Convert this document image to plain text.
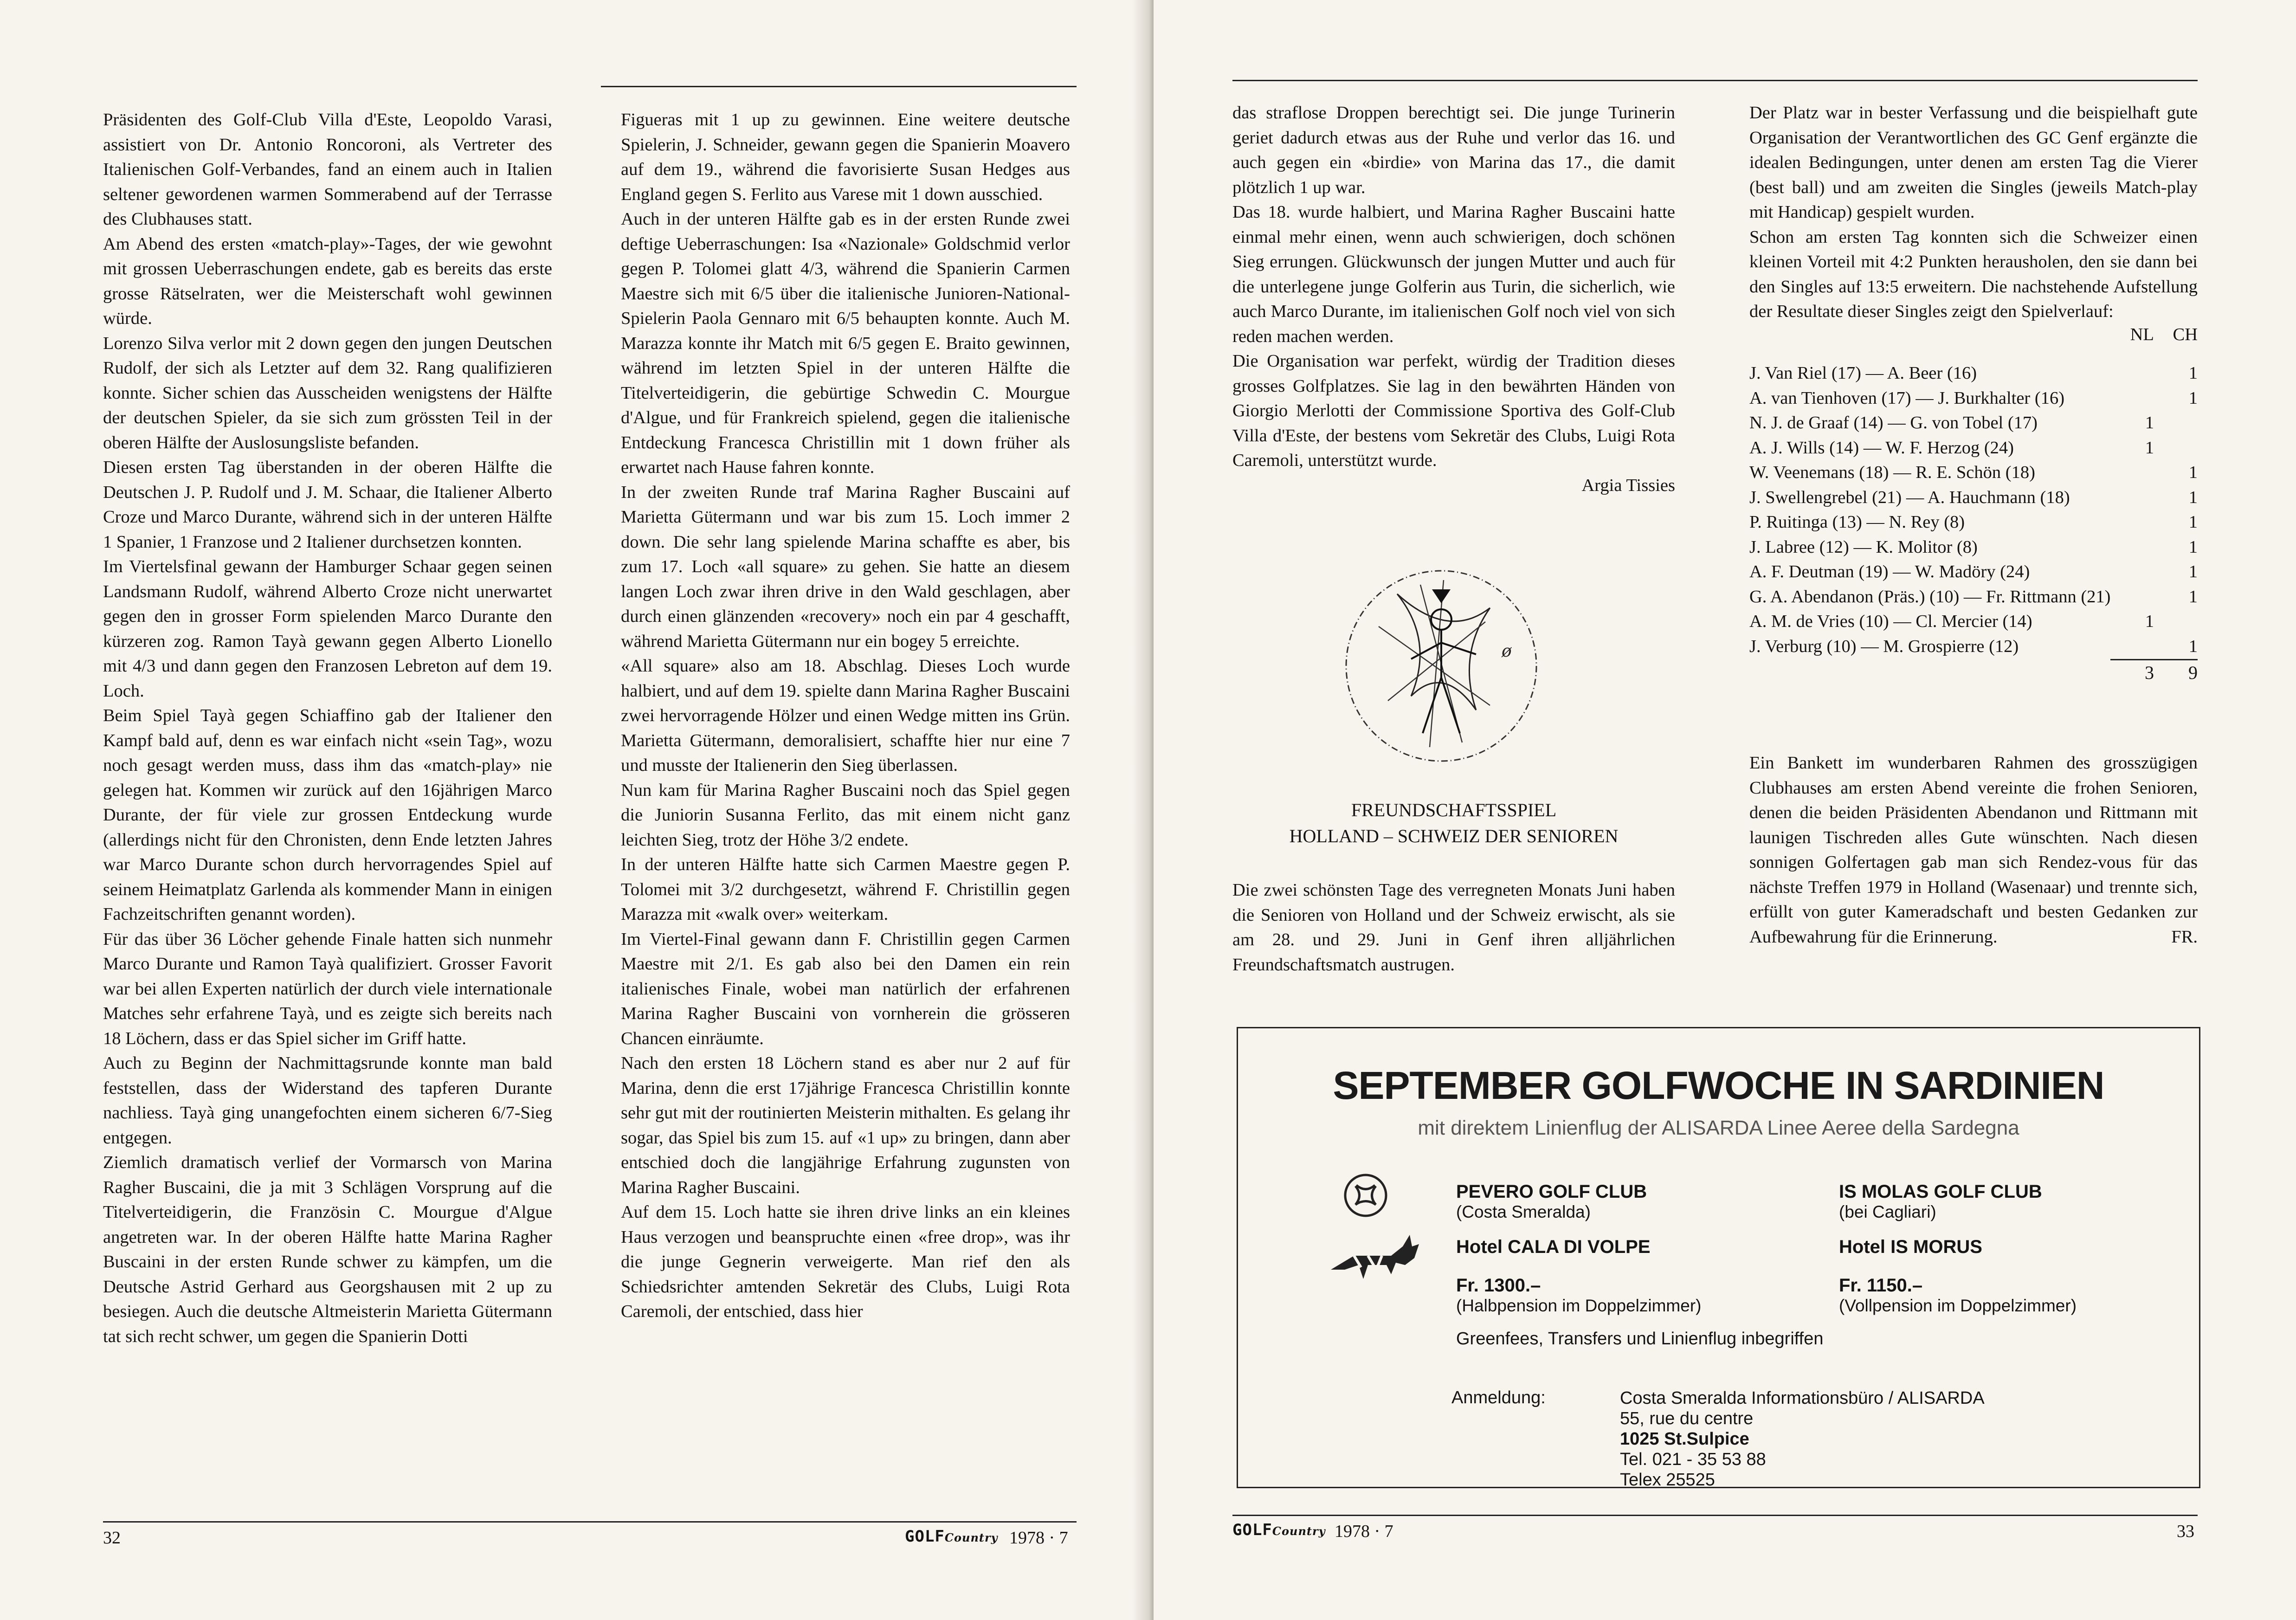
Präsidenten des Golf-Club Villa d'Este, Leopoldo Varasi, assistiert von Dr. Antonio Roncoroni, als Vertreter des Italienischen Golf-Verbandes, fand an einem auch in Italien seltener gewordenen warmen Sommerabend auf der Terrasse des Clubhauses statt.

Am Abend des ersten «match-play»-Tages, der wie gewohnt mit grossen Ueberraschungen endete, gab es bereits das erste grosse Rätselraten, wer die Meisterschaft wohl gewinnen würde.

Lorenzo Silva verlor mit 2 down gegen den jungen Deutschen Rudolf, der sich als Letzter auf dem 32. Rang qualifizieren konnte. Sicher schien das Ausscheiden wenigstens der Hälfte der deutschen Spieler, da sie sich zum grössten Teil in der oberen Hälfte der Auslosungsliste befanden.

Diesen ersten Tag überstanden in der oberen Hälfte die Deutschen J. P. Rudolf und J. M. Schaar, die Italiener Alberto Croze und Marco Durante, während sich in der unteren Hälfte 1 Spanier, 1 Franzose und 2 Italiener durchsetzen konnten.

Im Viertelsfinal gewann der Hamburger Schaar gegen seinen Landsmann Rudolf, während Alberto Croze nicht unerwartet gegen den in grosser Form spielenden Marco Durante den kürzeren zog. Ramon Tayà gewann gegen Alberto Lionello mit 4/3 und dann gegen den Franzosen Lebreton auf dem 19. Loch.

Beim Spiel Tayà gegen Schiaffino gab der Italiener den Kampf bald auf, denn es war einfach nicht «sein Tag», wozu noch gesagt werden muss, dass ihm das «match-play» nie gelegen hat. Kommen wir zurück auf den 16jährigen Marco Durante, der für viele zur grossen Entdeckung wurde (allerdings nicht für den Chronisten, denn Ende letzten Jahres war Marco Durante schon durch hervorragendes Spiel auf seinem Heimatplatz Garlenda als kommender Mann in einigen Fachzeitschriften genannt worden).

Für das über 36 Löcher gehende Finale hatten sich nunmehr Marco Durante und Ramon Tayà qualifiziert. Grosser Favorit war bei allen Experten natürlich der durch viele internationale Matches sehr erfahrene Tayà, und es zeigte sich bereits nach 18 Löchern, dass er das Spiel sicher im Griff hatte.

Auch zu Beginn der Nachmittagsrunde konnte man bald feststellen, dass der Widerstand des tapferen Durante nachliess. Tayà ging unangefochten einem sicheren 6/7-Sieg entgegen.

Ziemlich dramatisch verlief der Vormarsch von Marina Ragher Buscaini, die ja mit 3 Schlägen Vorsprung auf die Titelverteidigerin, die Französin C. Mourgue d'Algue angetreten war. In der oberen Hälfte hatte Marina Ragher Buscaini in der ersten Runde schwer zu kämpfen, um die Deutsche Astrid Gerhard aus Georgshausen mit 2 up zu besiegen. Auch die deutsche Altmeisterin Marietta Gütermann tat sich recht schwer, um gegen die Spanierin Dotti

Figueras mit 1 up zu gewinnen. Eine weitere deutsche Spielerin, J. Schneider, gewann gegen die Spanierin Moavero auf dem 19., während die favorisierte Susan Hedges aus England gegen S. Ferlito aus Varese mit 1 down ausschied.

Auch in der unteren Hälfte gab es in der ersten Runde zwei deftige Ueberraschungen: Isa «Nazionale» Goldschmid verlor gegen P. Tolomei glatt 4/3, während die Spanierin Carmen Maestre sich mit 6/5 über die italienische Junioren-National-Spielerin Paola Gennaro mit 6/5 behaupten konnte. Auch M. Marazza konnte ihr Match mit 6/5 gegen E. Braito gewinnen, während im letzten Spiel in der unteren Hälfte die Titelverteidigerin, die gebürtige Schwedin C. Mourgue d'Algue, und für Frankreich spielend, gegen die italienische Entdeckung Francesca Christillin mit 1 down früher als erwartet nach Hause fahren konnte.

In der zweiten Runde traf Marina Ragher Buscaini auf Marietta Gütermann und war bis zum 15. Loch immer 2 down. Die sehr lang spielende Marina schaffte es aber, bis zum 17. Loch «all square» zu gehen. Sie hatte an diesem langen Loch zwar ihren drive in den Wald geschlagen, aber durch einen glänzenden «recovery» noch ein par 4 geschafft, während Marietta Gütermann nur ein bogey 5 erreichte.

«All square» also am 18. Abschlag. Dieses Loch wurde halbiert, und auf dem 19. spielte dann Marina Ragher Buscaini zwei hervorragende Hölzer und einen Wedge mitten ins Grün. Marietta Gütermann, demoralisiert, schaffte hier nur eine 7 und musste der Italienerin den Sieg überlassen.

Nun kam für Marina Ragher Buscaini noch das Spiel gegen die Juniorin Susanna Ferlito, das mit einem nicht ganz leichten Sieg, trotz der Höhe 3/2 endete.

In der unteren Hälfte hatte sich Carmen Maestre gegen P. Tolomei mit 3/2 durchgesetzt, während F. Christillin gegen Marazza mit «walk over» weiterkam.

Im Viertel-Final gewann dann F. Christillin gegen Carmen Maestre mit 2/1. Es gab also bei den Damen ein rein italienisches Finale, wobei man natürlich der erfahrenen Marina Ragher Buscaini von vornherein die grösseren Chancen einräumte.

Nach den ersten 18 Löchern stand es aber nur 2 auf für Marina, denn die erst 17jährige Francesca Christillin konnte sehr gut mit der routinierten Meisterin mithalten. Es gelang ihr sogar, das Spiel bis zum 15. auf «1 up» zu bringen, dann aber entschied doch die langjährige Erfahrung zugunsten von Marina Ragher Buscaini.

Auf dem 15. Loch hatte sie ihren drive links an ein kleines Haus verzogen und beanspruchte einen «free drop», was ihr die junge Gegnerin verweigerte. Man rief den als Schiedsrichter amtenden Sekretär des Clubs, Luigi Rota Caremoli, der entschied, dass hier

32	GOLFCountry 1978 · 7

das straflose Droppen berechtigt sei. Die junge Turinerin geriet dadurch etwas aus der Ruhe und verlor das 16. und auch gegen ein «birdie» von Marina das 17., die damit plötzlich 1 up war.

Das 18. wurde halbiert, und Marina Ragher Buscaini hatte einmal mehr einen, wenn auch schwierigen, doch schönen Sieg errungen. Glückwunsch der jungen Mutter und auch für die unterlegene junge Golferin aus Turin, die sicherlich, wie auch Marco Durante, im italienischen Golf noch viel von sich reden machen werden.

Die Organisation war perfekt, würdig der Tradition dieses grosses Golfplatzes. Sie lag in den bewährten Händen von Giorgio Merlotti der Commissione Sportiva des Golf-Club Villa d'Este, der bestens vom Sekretär des Clubs, Luigi Rota Caremoli, unterstützt wurde.

Argia Tissies

ø
FREUNDSCHAFTSSPIEL
HOLLAND – SCHWEIZ DER SENIOREN

Die zwei schönsten Tage des verregneten Monats Juni haben die Senioren von Holland und der Schweiz erwischt, als sie am 28. und 29. Juni in Genf ihren alljährlichen Freundschaftsmatch austrugen.

Der Platz war in bester Verfassung und die beispielhaft gute Organisation der Verantwortlichen des GC Genf ergänzte die idealen Bedingungen, unter denen am ersten Tag die Vierer (best ball) und am zweiten die Singles (jeweils Match-play mit Handicap) gespielt wurden.

Schon am ersten Tag konnten sich die Schweizer einen kleinen Vorteil mit 4:2 Punkten herausholen, den sie dann bei den Singles auf 13:5 erweitern. Die nachstehende Aufstellung der Resultate dieser Singles zeigt den Spielverlauf:

	NL	CH

J. Van Riel (17) — A. Beer (16)		1
A. van Tienhoven (17) — J. Burkhalter (16)		1
N. J. de Graaf (14) — G. von Tobel (17)	1	
A. J. Wills (14) — W. F. Herzog (24)	1	
W. Veenemans (18) — R. E. Schön (18)		1
J. Swellengrebel (21) — A. Hauchmann (18)		1
P. Ruitinga (13) — N. Rey (8)		1
J. Labree (12) — K. Molitor (8)		1
A. F. Deutman (19) — W. Madöry (24)		1
G. A. Abendanon (Präs.) (10) — Fr. Rittmann (21)		1
A. M. de Vries (10) — Cl. Mercier (14)	1	
J. Verburg (10) — M. Grospierre (12)		1
	3	9

Ein Bankett im wunderbaren Rahmen des grosszügigen Clubhauses am ersten Abend vereinte die frohen Senioren, denen die beiden Präsidenten Abendanon und Rittmann mit launigen Tischreden alles Gute wünschten. Nach diesen sonnigen Golfertagen gab man sich Rendez-vous für das nächste Treffen 1979 in Holland (Wasenaar) und trennte sich, erfüllt von guter Kameradschaft und besten Gedanken zur Aufbewahrung für die Erinnerung.	FR.

GOLFCountry 1978 · 7	33
SEPTEMBER GOLFWOCHE IN SARDINIEN
mit direktem Linienflug der ALISARDA Linee Aeree della Sardegna
PEVERO GOLF CLUB
(Costa Smeralda)
Hotel CALA DI VOLPE
Fr. 1300.–
(Halbpension im Doppelzimmer)
IS MOLAS GOLF CLUB
(bei Cagliari)
Hotel IS MORUS
Fr. 1150.–
(Vollpension im Doppelzimmer)
Greenfees, Transfers und Linienflug inbegriffen
Anmeldung:	Costa Smeralda Informationsbüro / ALISARDA
55, rue du centre
1025 St.Sulpice
Tel. 021 - 35 53 88
Telex 25525
